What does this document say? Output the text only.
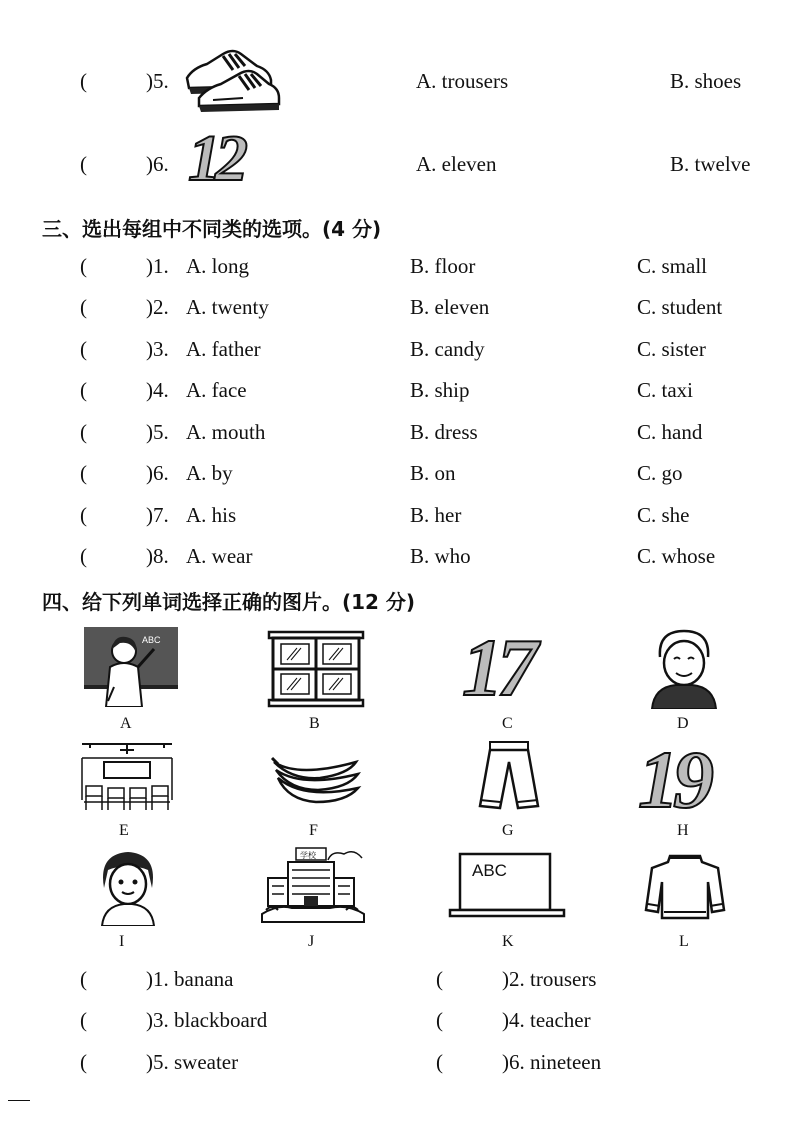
(	)5.	A. trousers	B. shoes
(	)6. 12	A. eleven	B. twelve
三、选出每组中不同类的选项。(4 分)
(	)1. A. long	B. floor	C. small
(	)2. A. twenty	B. eleven	C. student
(	)3. A. father	B. candy	C. sister
(	)4. A. face	B. ship	C. taxi
(	)5. A. mouth	B. dress	C. hand
(	)6. A. by	B. on	C. go
(	)7. A. his	B. her	C. she
(	)8. A. wear	B. who	C. whose
四、给下列单词选择正确的图片。(12 分)
ABC	17
A	B	C	D
19
E	F	G	H
学校
ABC
I	J	K	L
(	)1. banana	(	)2. trousers
(	)3. blackboard	(	)4. teacher
(	)5. sweater	(	)6. nineteen
